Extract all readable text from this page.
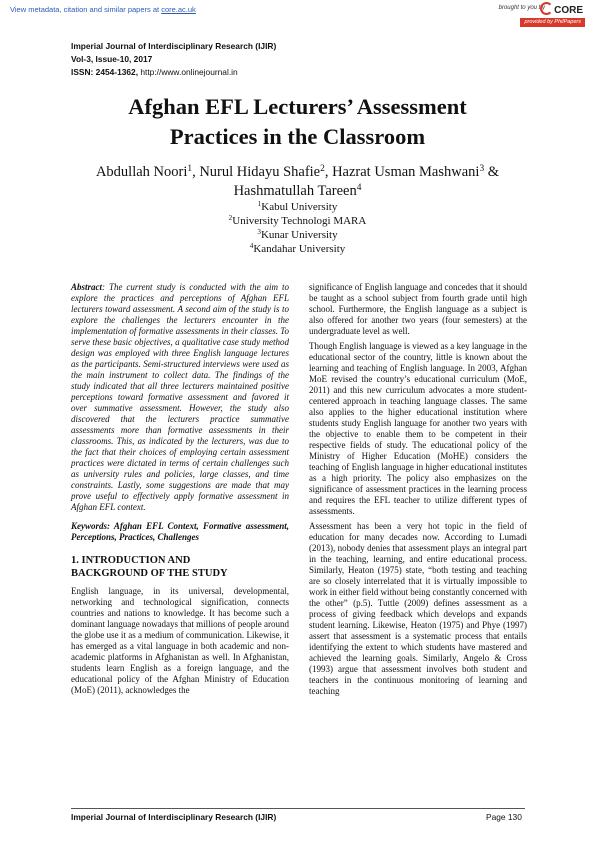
View metadata, citation and similar papers at core.ac.uk	brought to you by CORE
provided by PhilPapers
Imperial Journal of Interdisciplinary Research (IJIR)
Vol-3, Issue-10, 2017
ISSN: 2454-1362, http://www.onlinejournal.in
Afghan EFL Lecturers’ Assessment
Practices in the Classroom
Abdullah Noori$^1$, Nurul Hidayu Shafie$^2$, Hazrat Usman Mashwani$^3$ &
Hashmatullah Tareen$^4$
$^1$Kabul University
$^2$University Technologi MARA
$^3$Kunar University
$^4$Kandahar University

Abstract: The current study is conducted with the aim to explore the practices and perceptions of Afghan EFL lecturers toward assessment. A second aim of the study is to explore the challenges the lecturers encounter in the implementation of formative assessments in their classes. To serve these basic objectives, a qualitative case study method design was employed with three English language lectures as the participants. Semi-structured interviews were used as the main instrument to collect data. The findings of the study indicated that all three lecturers maintained positive perceptions toward formative assessment and favored it over summative assessment. However, the study also discovered that the lecturers practice summative assessments more than formative assessments in their classrooms. This, as indicated by the lecturers, was due to the fact that their choices of employing certain assessment practices were dictated in terms of certain challenges such as university rules and policies, large classes, and time constraints. Lastly, some suggestions are made that may prove useful to effectively apply formative assessment in Afghan EFL context.

Keywords: Afghan EFL Context, Formative assessment, Perceptions, Practices, Challenges

1. INTRODUCTION AND
BACKGROUND OF THE STUDY

English language, in its universal, developmental, networking and technological signification, connects countries and nations to knowledge. It has become such a dominant language nowadays that millions of people around the globe use it as a medium of communication. Likewise, it has emerged as a vital language in both academic and non-academic platforms in Afghanistan as well. In Afghanistan, students learn English as a foreign language, and the educational policy of the Afghan Ministry of Education (MoE) (2011), acknowledges the

significance of English language and concedes that it should be taught as a school subject from fourth grade until high school. Furthermore, the English language as a subject is also offered for another two years (four semesters) at the undergraduate level as well.

Though English language is viewed as a key language in the educational sector of the country, little is known about the learning and teaching of English language. In 2003, Afghan MoE revised the country’s educational curriculum (MoE, 2011) and this new curriculum advocates a more student-centered approach in teaching language classes. The same also applies to the higher educational institution where students study English language for another two years with the objective to enable them to be competent in their respective fields of study. The educational policy of the Ministry of Higher Education (MoHE) considers the teaching of English language in higher educational institutes as a high priority. The policy also emphasizes on the significance of assessment practices in the learning process and requires the EFL teacher to utilize different types of assessments.

Assessment has been a very hot topic in the field of education for many decades now. According to Lumadi (2013), nobody denies that assessment plays an integral part in the teaching, learning, and entire educational process. Similarly, Heaton (1975) state, “both testing and teaching are so closely interrelated that it is virtually impossible to work in either field without being constantly concerned with the other” (p.5). Tuttle (2009) defines assessment as a process of giving feedback which develops and expands student learning. Likewise, Heaton (1975) and Phye (1997) assert that assessment is a systematic process that entails identifying the extent to which students have mastered and achieved the learning goals. Similarly, Angelo & Cross (1993) argue that assessment involves both student and teachers in the continuous monitoring of learning and teaching

Imperial Journal of Interdisciplinary Research (IJIR)	Page 130
